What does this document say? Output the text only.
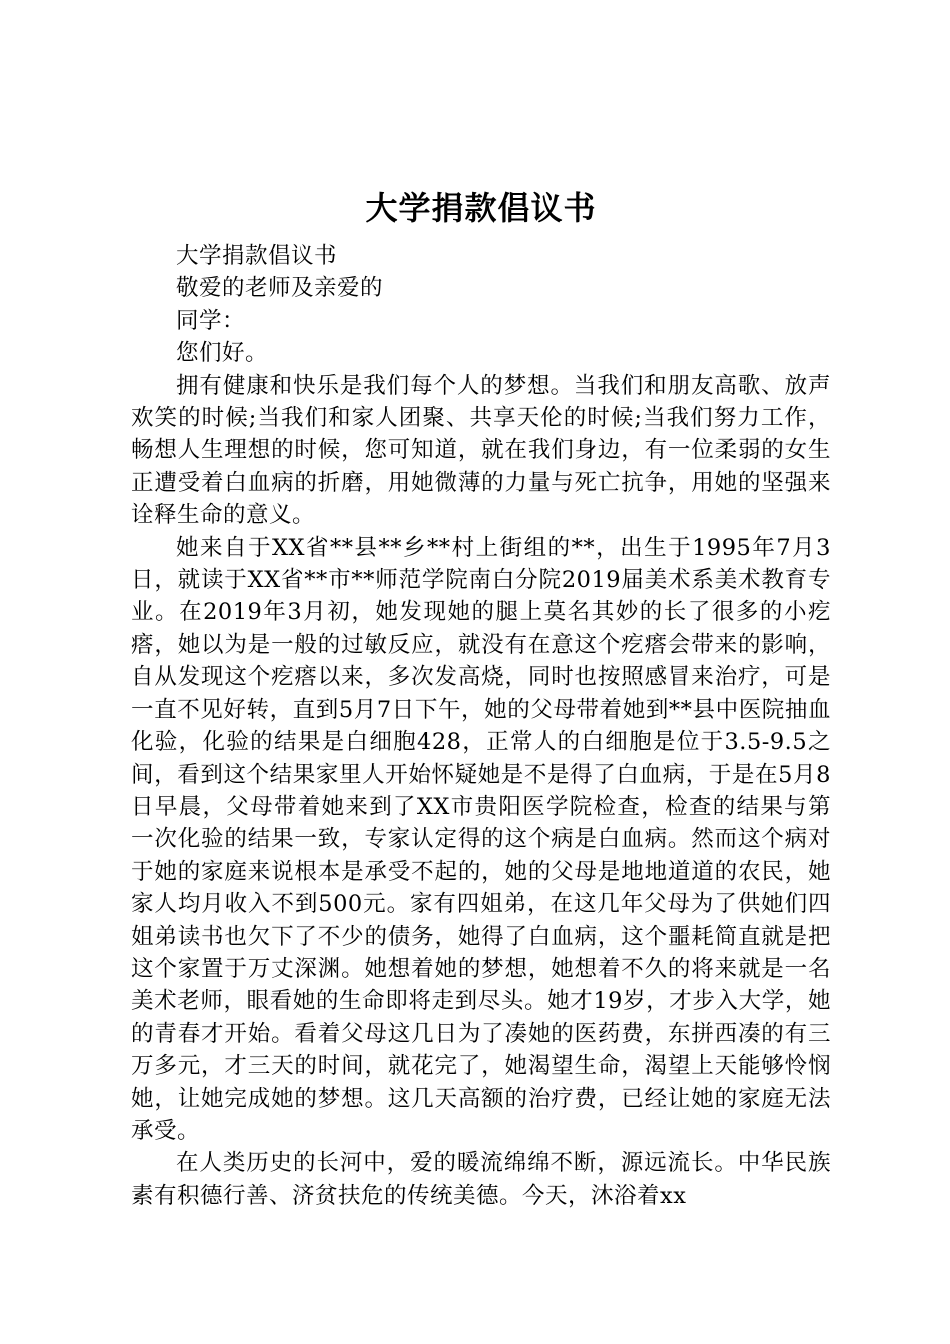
大学捐款倡议书

大学捐款倡议书

敬爱的老师及亲爱的

同学：

您们好。

拥有健康和快乐是我们每个人的梦想。当我们和朋友高歌、放声欢笑的时候;当我们和家人团聚、共享天伦的时候;当我们努力工作，畅想人生理想的时候，您可知道，就在我们身边，有一位柔弱的女生正遭受着白血病的折磨，用她微薄的力量与死亡抗争，用她的坚强来诠释生命的意义。

她来自于XX省**县**乡**村上街组的**，出生于1995年7月3日，就读于XX省**市**师范学院南白分院2019届美术系美术教育专业。在2019年3月初，她发现她的腿上莫名其妙的长了很多的小疙瘩，她以为是一般的过敏反应，就没有在意这个疙瘩会带来的影响，自从发现这个疙瘩以来，多次发高烧，同时也按照感冒来治疗，可是一直不见好转，直到5月7日下午，她的父母带着她到**县中医院抽血化验，化验的结果是白细胞428，正常人的白细胞是位于3.5-9.5之间，看到这个结果家里人开始怀疑她是不是得了白血病，于是在5月8日早晨，父母带着她来到了XX市贵阳医学院检查，检查的结果与第一次化验的结果一致，专家认定得的这个病是白血病。然而这个病对于她的家庭来说根本是承受不起的，她的父母是地地道道的农民，她家人均月收入不到500元。家有四姐弟，在这几年父母为了供她们四姐弟读书也欠下了不少的债务，她得了白血病，这个噩耗简直就是把这个家置于万丈深渊。她想着她的梦想，她想着不久的将来就是一名美术老师，眼看她的生命即将走到尽头。她才19岁，才步入大学，她的青春才开始。看着父母这几日为了凑她的医药费，东拼西凑的有三万多元，才三天的时间，就花完了，她渴望生命，渴望上天能够怜悯她，让她完成她的梦想。这几天高额的治疗费，已经让她的家庭无法承受。

在人类历史的长河中，爱的暖流绵绵不断，源远流长。中华民族素有积德行善、济贫扶危的传统美德。今天，沐浴着xx
